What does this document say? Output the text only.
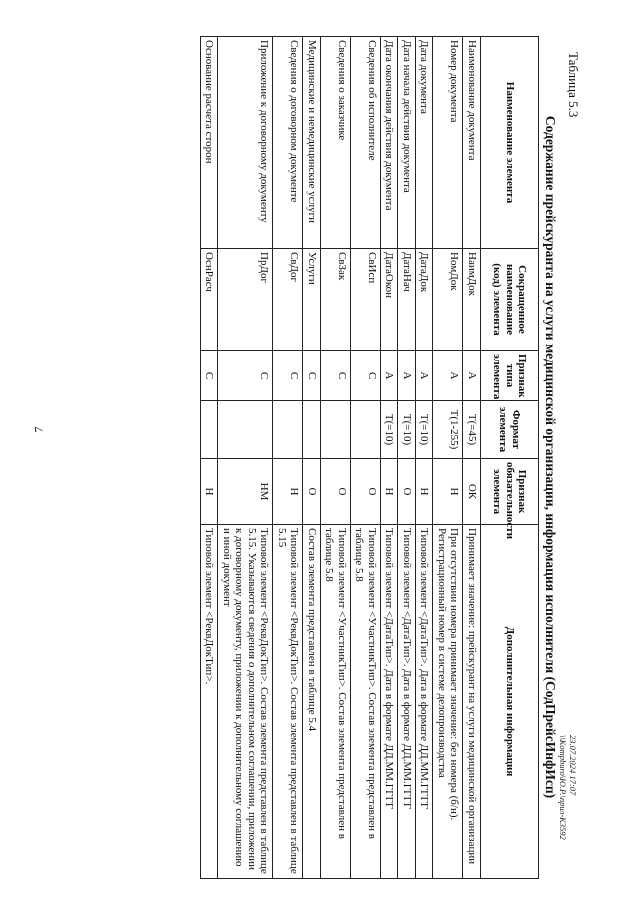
7
Таблица 5.3
Содержание прейскуранта на услуги медицинской организации, информация исполнителя (СодПрейсИнфИсп)
Наименование элемента	Сокращенное наименование (код) элемента	Признак типа элемента	Формат элемента	Признак обязательности элемента	Дополнительная информация
Наименование документа	НаимДок	А	T(=45)	ОК	Принимает значение: прейскурант на услуги медицинской организации
Номер документа	НомДок	А	T(1-255)	Н	При отсутствии номера принимает значение: без номера (б/н). Регистрационный номер в системе делопроизводства
Дата документа	ДатаДок	А	T(=10)	Н	Типовой элемент <ДатаТип>. Дата в формате ДД.ММ.ГГГГ
Дата начала действия документа	ДатаНач	А	T(=10)	О	Типовой элемент <ДатаТип>. Дата в формате ДД.ММ.ГГГГ
Дата окончания действия документа	ДатаОкон	А	T(=10)	Н	Типовой элемент <ДатаТип>. Дата в формате ДД.ММ.ГГГГ
Сведения об исполнителе	СвИсп	С		О	Типовой элемент <УчастникТип>. Состав элемента представлен в таблице 5.8
Сведения о заказчике	СвЗак	С		О	Типовой элемент <УчастникТип>. Состав элемента представлен в таблице 5.8
Медицинские и немедицинские услуги	Услуги	С		О	Состав элемента представлен в таблице 5.4
Сведения о договорном документе	СвДог	С		Н	Типовой элемент <РеквДокТип>. Состав элемента представлен в таблице 5.15
Приложение к договорному документу	ПрДог	С		НМ	Типовой элемент <РеквДокТип>. Состав элемента представлен в таблице 5.15. Указываются сведения о дополнительном соглашении, приложении к договорному документу, приложении к дополнительному соглашению и иной документ
Основание расчета сторон	ОснРасч	С		Н	Типовой элемент <РеквДокТип>.
23.07.2024 17:07
\\Kompburo\Ю.Р.\прил-К3592
